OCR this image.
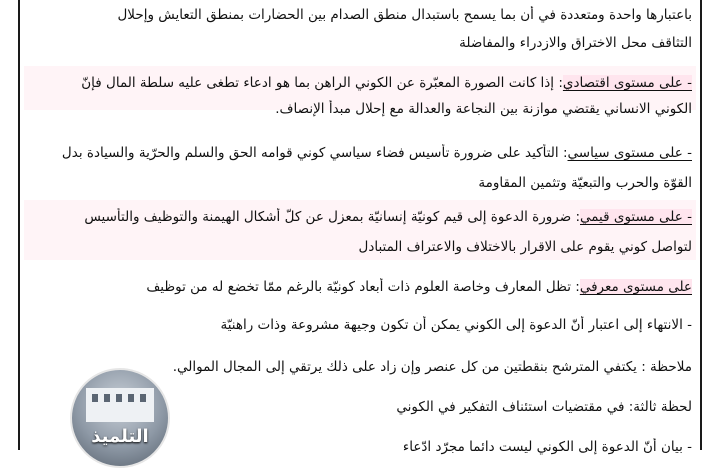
باعتبارها واحدة ومتعددة في أن بما يسمح باستبدال منطق الصدام بين الحضارات بمنطق التعايش وإحلال
التثاقف محل الاختراق والازدراء والمفاضلة
- على مستوى اقتصادي: إذا كانت الصورة المعبّرة عن الكوني الراهن بما هو ادعاء تطغى عليه سلطة المال فإنّ
الكوني الانساني يقتضي موازنة بين النجاعة والعدالة مع إحلال مبدأ الإنصاف.
- على مستوى سياسي: التأكيد على ضرورة تأسيس فضاء سياسي كوني قوامه الحق والسلم والحرّية والسيادة بدل
القوّة والحرب والتبعيّة وتثمين المقاومة
- على مستوى قيمي: ضرورة الدعوة إلى قيم كونيّة إنسانيّة بمعزل عن كلّ أشكال الهيمنة والتوظيف والتأسيس
لتواصل كوني يقوم على الاقرار بالاختلاف والاعتراف المتبادل
على مستوى معرفي: تظل المعارف وخاصة العلوم ذات أبعاد كونيّة بالرغم ممّا تخضع له من توظيف
- الانتهاء إلى اعتبار أنّ الدعوة إلى الكوني يمكن أن تكون وجيهة مشروعة وذات راهنيّة
ملاحظة : يكتفي المترشح بنقطتين من كل عنصر وإن زاد على ذلك يرتقي إلى المجال الموالي.
لحظة ثالثة: في مقتضيات استئناف التفكير في الكوني
- بيان أنّ الدعوة إلى الكوني ليست دائما مجرّد ادّعاء
التلميذ
